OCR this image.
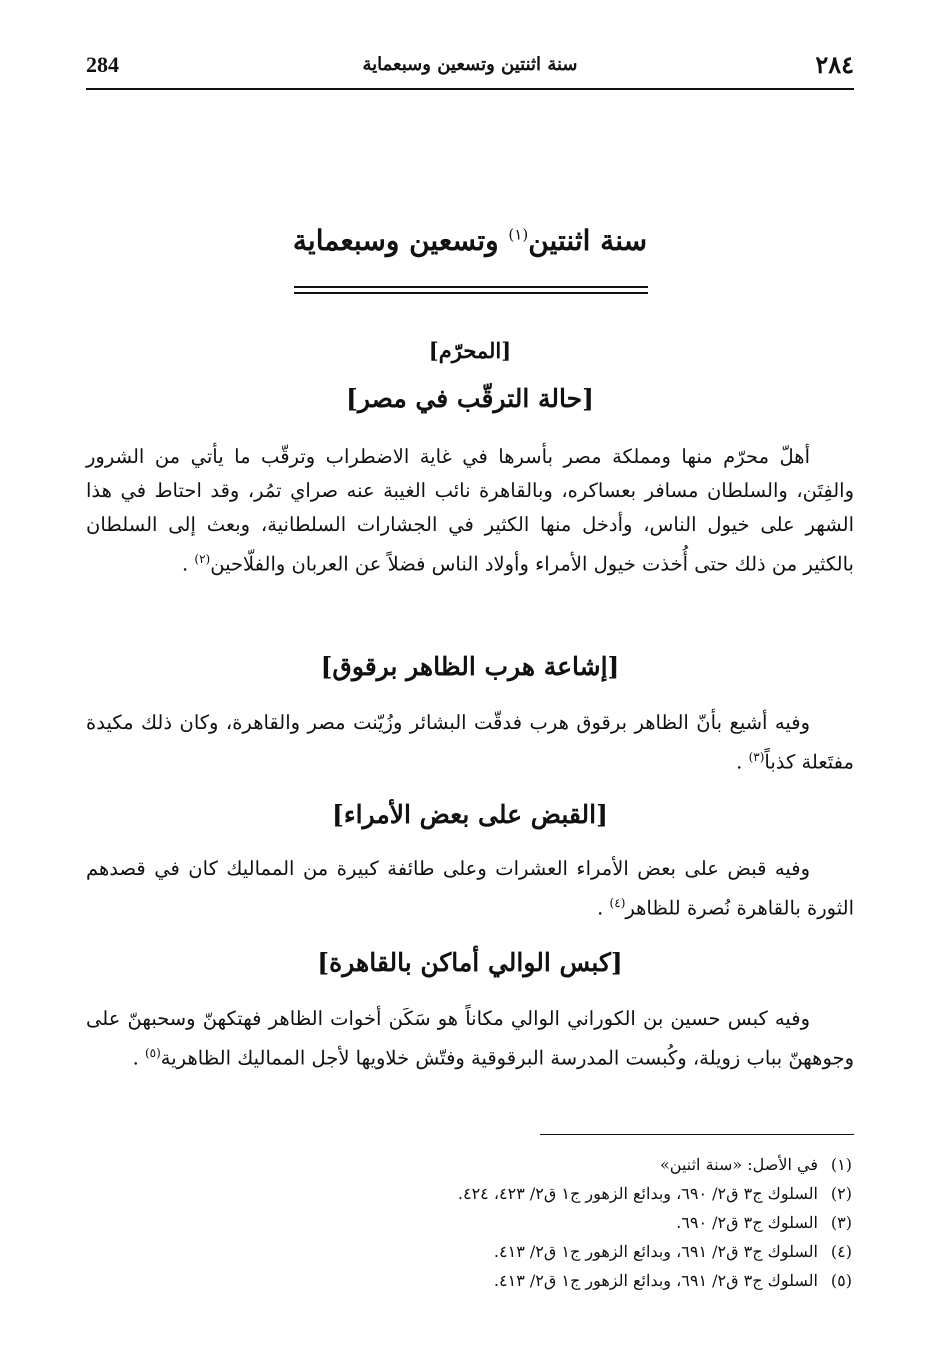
284	سنة اثنتين وتسعين وسبعماية	٢٨٤
سنة اثنتين$^{(١)}$ وتسعين وسبعماية
[المحرّم]
[حالة الترقّب في مصر]
أهلّ محرّم منها ومملكة مصر بأسرها في غاية الاضطراب وترقّب ما يأتي من الشرور والفِتَن، والسلطان مسافر بعساكره، وبالقاهرة نائب الغيبة عنه صراي تمُر، وقد احتاط في هذا الشهر على خيول الناس، وأدخل منها الكثير في الجشارات السلطانية، وبعث إلى السلطان بالكثير من ذلك حتى أُخذت خيول الأمراء وأولاد الناس فضلاً عن العربان والفلّاحين$^{(٢)}$ .
[إشاعة هرب الظاهر برقوق]
وفيه أشيع بأنّ الظاهر برقوق هرب فدقّت البشائر وزُيّنت مصر والقاهرة، وكان ذلك مكيدة مفتَعلة كذباً$^{(٣)}$ .
[القبض على بعض الأمراء]
وفيه قبض على بعض الأمراء العشرات وعلى طائفة كبيرة من المماليك كان في قصدهم الثورة بالقاهرة نُصرة للظاهر$^{(٤)}$ .
[كبس الوالي أماكن بالقاهرة]
وفيه كبس حسين بن الكوراني الوالي مكاناً هو سَكَن أخوات الظاهر فهتكهنّ وسحبهنّ على وجوههنّ بباب زويلة، وكُبست المدرسة البرقوقية وفتّش خلاويها لأجل المماليك الظاهرية$^{(٥)}$ .
(١)في الأصل: «سنة اثنين»
(٢)السلوك ج٣ ق٢/ ٦٩٠، وبدائع الزهور ج١ ق٢/ ٤٢٣، ٤٢٤.
(٣)السلوك ج٣ ق٢/ ٦٩٠.
(٤)السلوك ج٣ ق٢/ ٦٩١، وبدائع الزهور ج١ ق٢/ ٤١٣.
(٥)السلوك ج٣ ق٢/ ٦٩١، وبدائع الزهور ج١ ق٢/ ٤١٣.
